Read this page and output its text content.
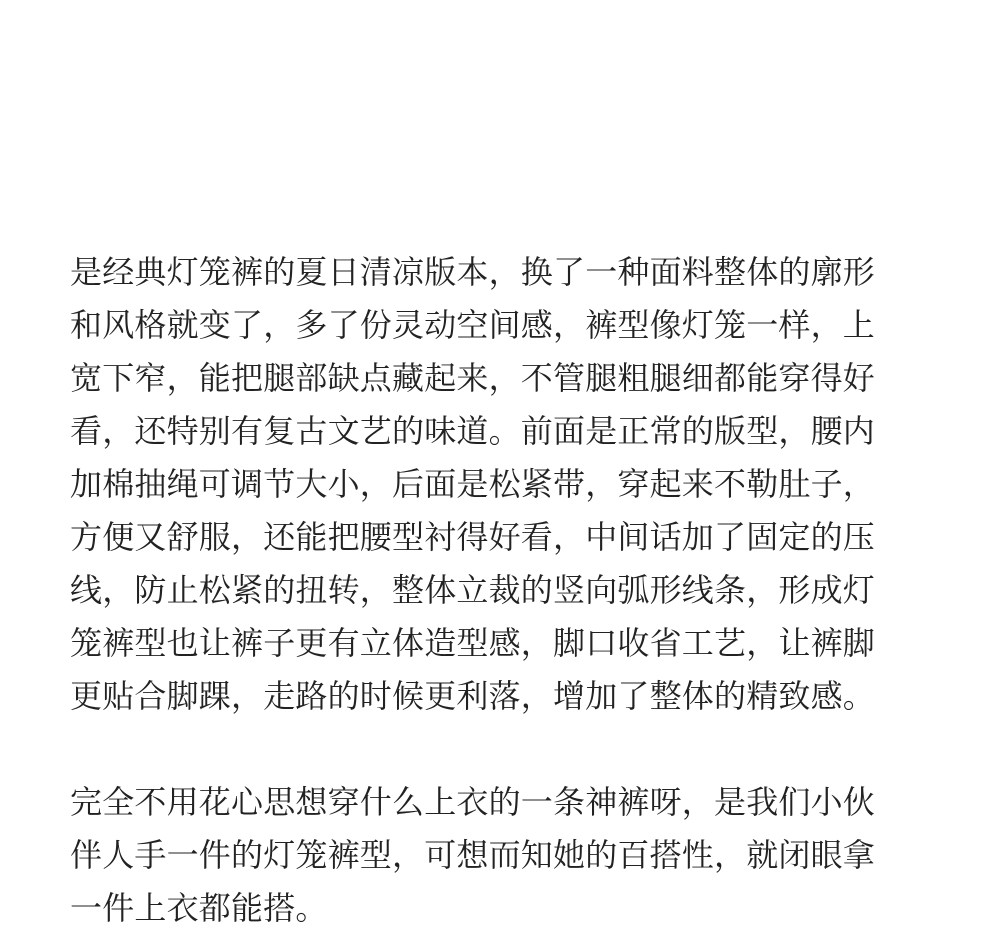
是经典灯笼裤的夏日清凉版本，换了一种面料整体的廓形
和风格就变了，多了份灵动空间感，裤型像灯笼一样，上
宽下窄，能把腿部缺点藏起来，不管腿粗腿细都能穿得好
看，还特别有复古文艺的味道。前面是正常的版型，腰内
加棉抽绳可调节大小，后面是松紧带，穿起来不勒肚子，
方便又舒服，还能把腰型衬得好看，中间话加了固定的压
线，防止松紧的扭转，整体立裁的竖向弧形线条，形成灯
笼裤型也让裤子更有立体造型感，脚口收省工艺，让裤脚
更贴合脚踝，走路的时候更利落，增加了整体的精致感。

完全不用花心思想穿什么上衣的一条神裤呀，是我们小伙
伴人手一件的灯笼裤型，可想而知她的百搭性，就闭眼拿
一件上衣都能搭。
